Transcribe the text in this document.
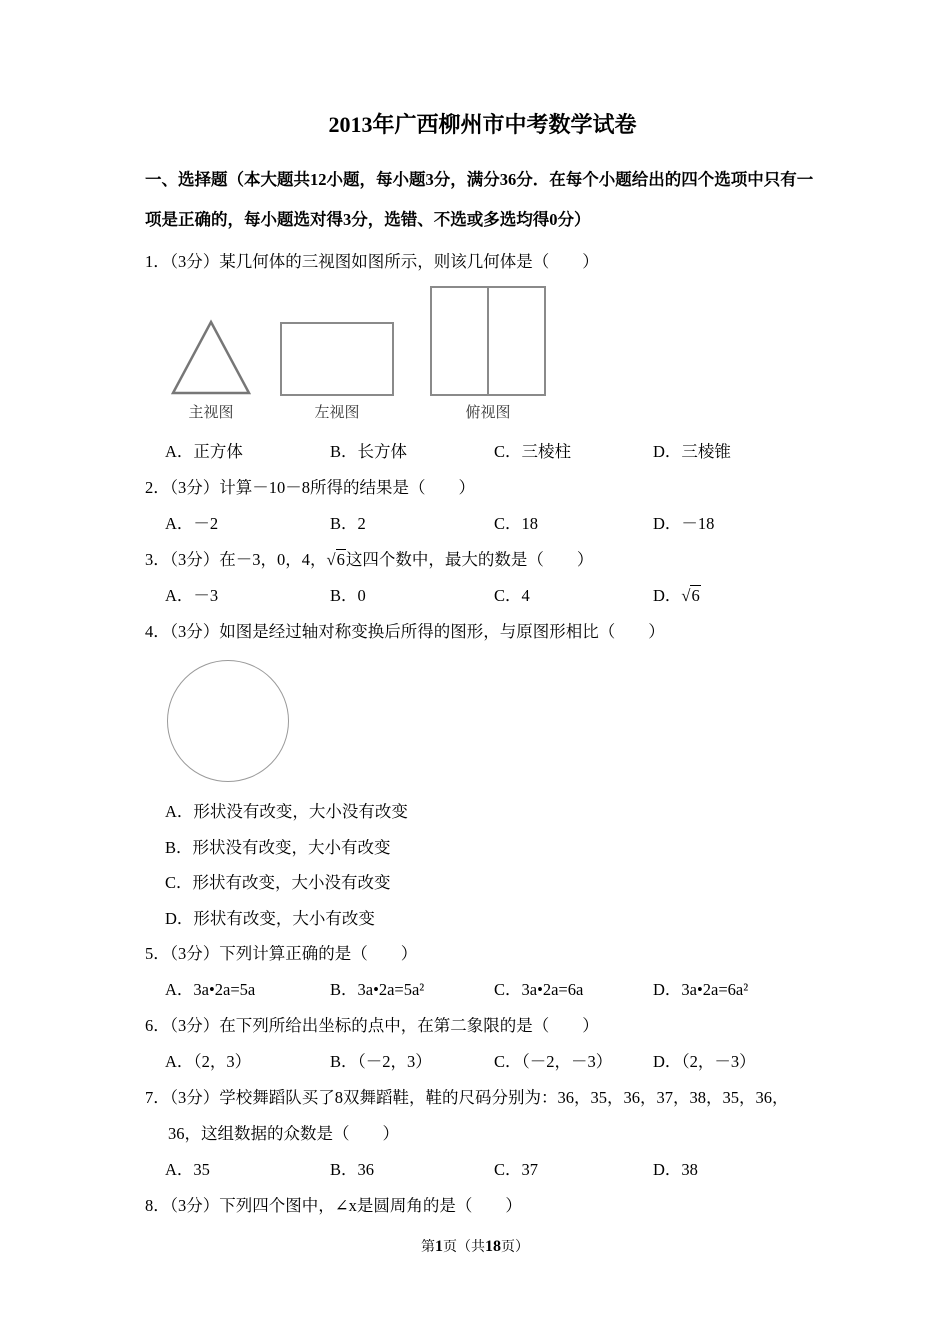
2013年广西柳州市中考数学试卷

一、选择题（本大题共12小题，每小题3分，满分36分．在每个小题给出的四个选项中只有一项是正确的，每小题选对得3分，选错、不选或多选均得0分）

1．（3分）某几何体的三视图如图所示，则该几何体是（　　）

主视图	左视图	俯视图
A．正方体	B．长方体	C．三棱柱	D．三棱锥

2．（3分）计算－10－8所得的结果是（　　）

A．－2	B．2	C．18	D．－18

3．（3分）在－3，0，4，√6这四个数中，最大的数是（　　）

A．－3	B．0	C．4	D．√6

4．（3分）如图是经过轴对称变换后所得的图形，与原图形相比（　　）

A．形状没有改变，大小没有改变
B．形状没有改变，大小有改变
C．形状有改变，大小没有改变
D．形状有改变，大小有改变

5．（3分）下列计算正确的是（　　）

A．3a•2a=5a	B．3a•2a=5a²	C．3a•2a=6a	D．3a•2a=6a²

6．（3分）在下列所给出坐标的点中，在第二象限的是（　　）

A．（2，3）	B．（－2，3）	C．（－2，－3）	D．（2，－3）

7．（3分）学校舞蹈队买了8双舞蹈鞋，鞋的尺码分别为：36，35，36，37，38，35，36，36，这组数据的众数是（　　）

A．35	B．36	C．37	D．38

8．（3分）下列四个图中，∠x是圆周角的是（　　）

第1页（共18页）
